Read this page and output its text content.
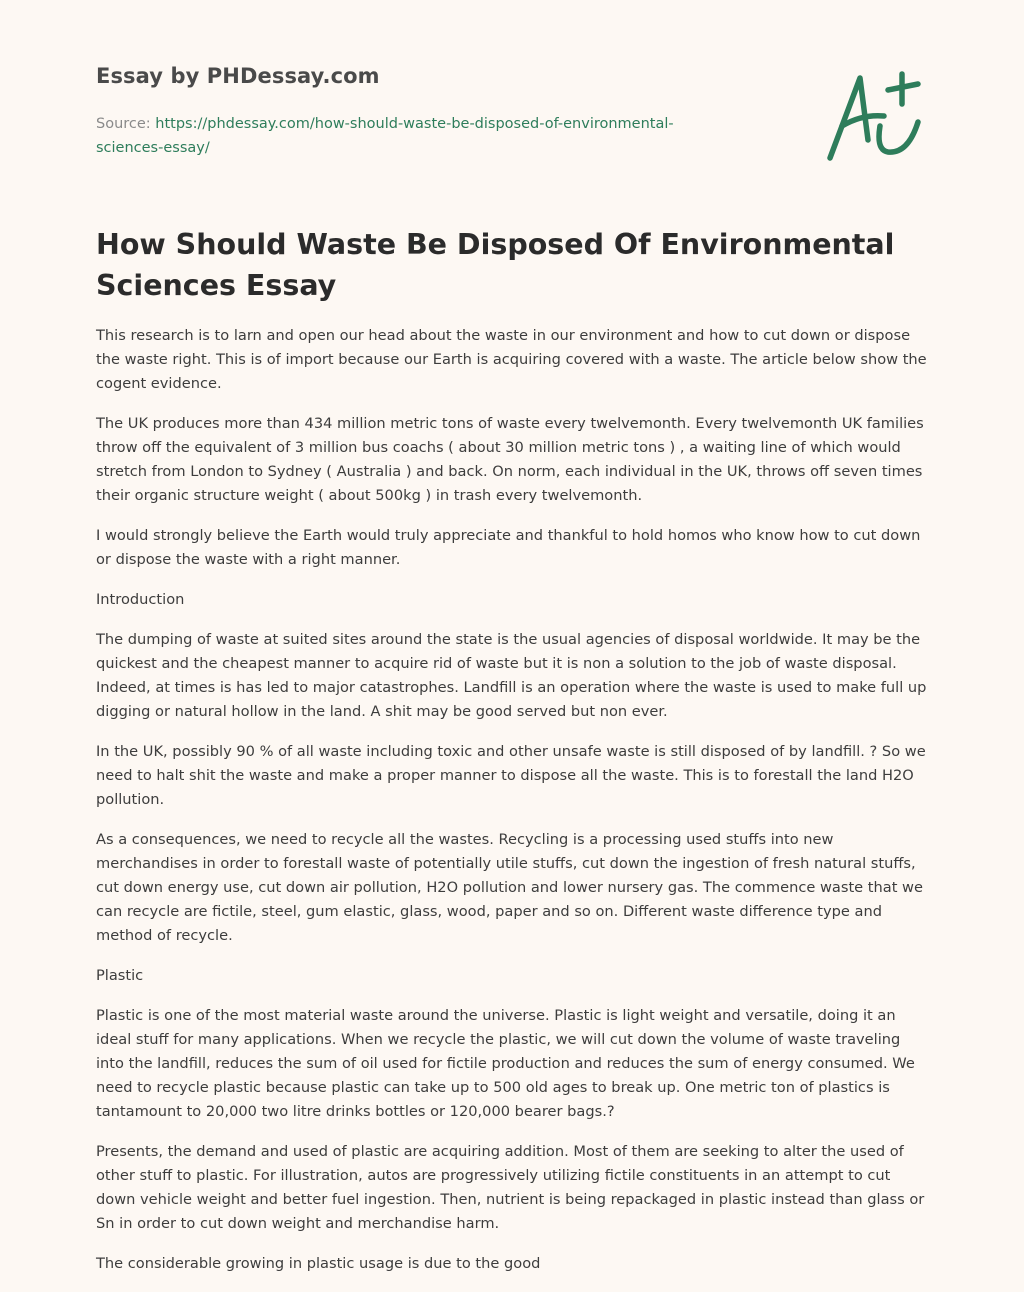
Essay by PHDessay.com
Source: https://phdessay.com/how-should-waste-be-disposed-of-environmental-sciences-essay/
How Should Waste Be Disposed Of Environmental Sciences Essay

This research is to larn and open our head about the waste in our environment and how to cut down or dispose the waste right. This is of import because our Earth is acquiring covered with a waste. The article below show the cogent evidence.

The UK produces more than 434 million metric tons of waste every twelvemonth. Every twelvemonth UK families throw off the equivalent of 3 million bus coachs ( about 30 million metric tons ) , a waiting line of which would stretch from London to Sydney ( Australia ) and back. On norm, each individual in the UK, throws off seven times their organic structure weight ( about 500kg ) in trash every twelvemonth.

I would strongly believe the Earth would truly appreciate and thankful to hold homos who know how to cut down or dispose the waste with a right manner.

Introduction

The dumping of waste at suited sites around the state is the usual agencies of disposal worldwide. It may be the quickest and the cheapest manner to acquire rid of waste but it is non a solution to the job of waste disposal. Indeed, at times is has led to major catastrophes. Landfill is an operation where the waste is used to make full up digging or natural hollow in the land. A shit may be good served but non ever.

In the UK, possibly 90 % of all waste including toxic and other unsafe waste is still disposed of by landfill. ? So we need to halt shit the waste and make a proper manner to dispose all the waste. This is to forestall the land H2O pollution.

As a consequences, we need to recycle all the wastes. Recycling is a processing used stuffs into new merchandises in order to forestall waste of potentially utile stuffs, cut down the ingestion of fresh natural stuffs, cut down energy use, cut down air pollution, H2O pollution and lower nursery gas. The commence waste that we can recycle are fictile, steel, gum elastic, glass, wood, paper and so on. Different waste difference type and method of recycle.

Plastic

Plastic is one of the most material waste around the universe. Plastic is light weight and versatile, doing it an ideal stuff for many applications. When we recycle the plastic, we will cut down the volume of waste traveling into the landfill, reduces the sum of oil used for fictile production and reduces the sum of energy consumed. We need to recycle plastic because plastic can take up to 500 old ages to break up. One metric ton of plastics is tantamount to 20,000 two litre drinks bottles or 120,000 bearer bags.?

Presents, the demand and used of plastic are acquiring addition. Most of them are seeking to alter the used of other stuff to plastic. For illustration, autos are progressively utilizing fictile constituents in an attempt to cut down vehicle weight and better fuel ingestion. Then, nutrient is being repackaged in plastic instead than glass or Sn in order to cut down weight and merchandise harm.

The considerable growing in plastic usage is due to the good
